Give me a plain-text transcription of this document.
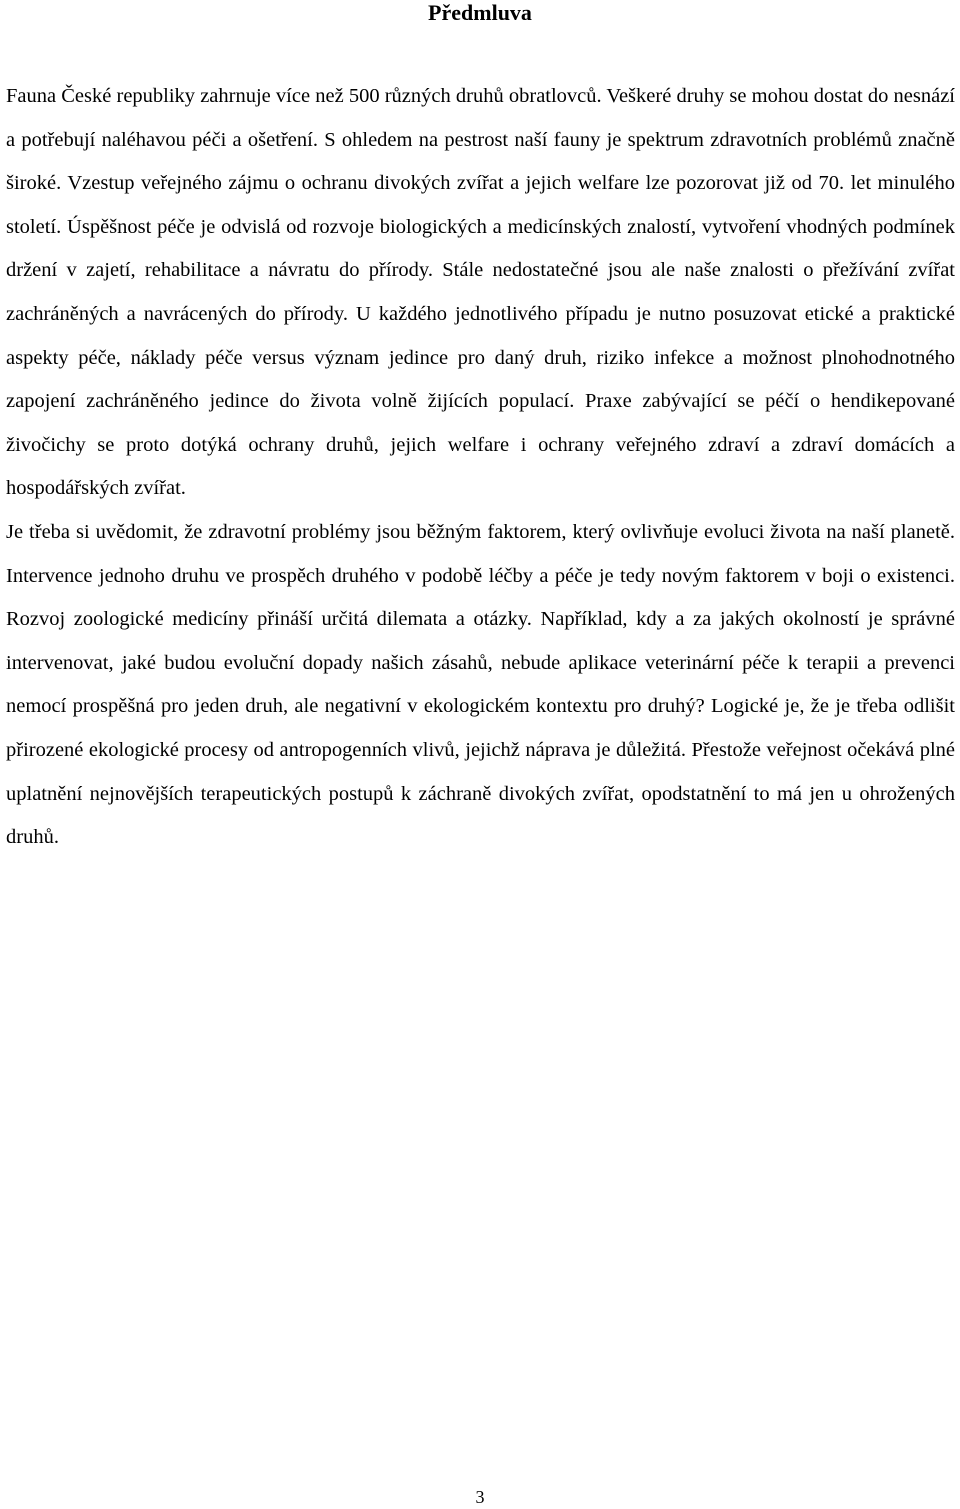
Předmluva

Fauna České republiky zahrnuje více než 500 různých druhů obratlovců. Veškeré druhy se mohou dostat do nesnází a potřebují naléhavou péči a ošetření. S ohledem na pestrost naší fauny je spektrum zdravotních problémů značně široké. Vzestup veřejného zájmu o ochranu divokých zvířat a jejich welfare lze pozorovat již od 70. let minulého století. Úspěšnost péče je odvislá od rozvoje biologických a medicínských znalostí, vytvoření vhodných podmínek držení v zajetí, rehabilitace a návratu do přírody. Stále nedostatečné jsou ale naše znalosti o přežívání zvířat zachráněných a navrácených do přírody. U každého jednotlivého případu je nutno posuzovat etické a praktické aspekty péče, náklady péče versus význam jedince pro daný druh, riziko infekce a možnost plnohodnotného zapojení zachráněného jedince do života volně žijících populací. Praxe zabývající se péčí o hendikepované živočichy se proto dotýká ochrany druhů, jejich welfare i ochrany veřejného zdraví a zdraví domácích a hospodářských zvířat.

Je třeba si uvědomit, že zdravotní problémy jsou běžným faktorem, který ovlivňuje evoluci života na naší planetě. Intervence jednoho druhu ve prospěch druhého v podobě léčby a péče je tedy novým faktorem v boji o existenci. Rozvoj zoologické medicíny přináší určitá dilemata a otázky. Například, kdy a za jakých okolností je správné intervenovat, jaké budou evoluční dopady našich zásahů, nebude aplikace veterinární péče k terapii a prevenci nemocí prospěšná pro jeden druh, ale negativní v ekologickém kontextu pro druhý? Logické je, že je třeba odlišit přirozené ekologické procesy od antropogenních vlivů, jejichž náprava je důležitá. Přestože veřejnost očekává plné uplatnění nejnovějších terapeutických postupů k záchraně divokých zvířat, opodstatnění to má jen u ohrožených druhů.

3
